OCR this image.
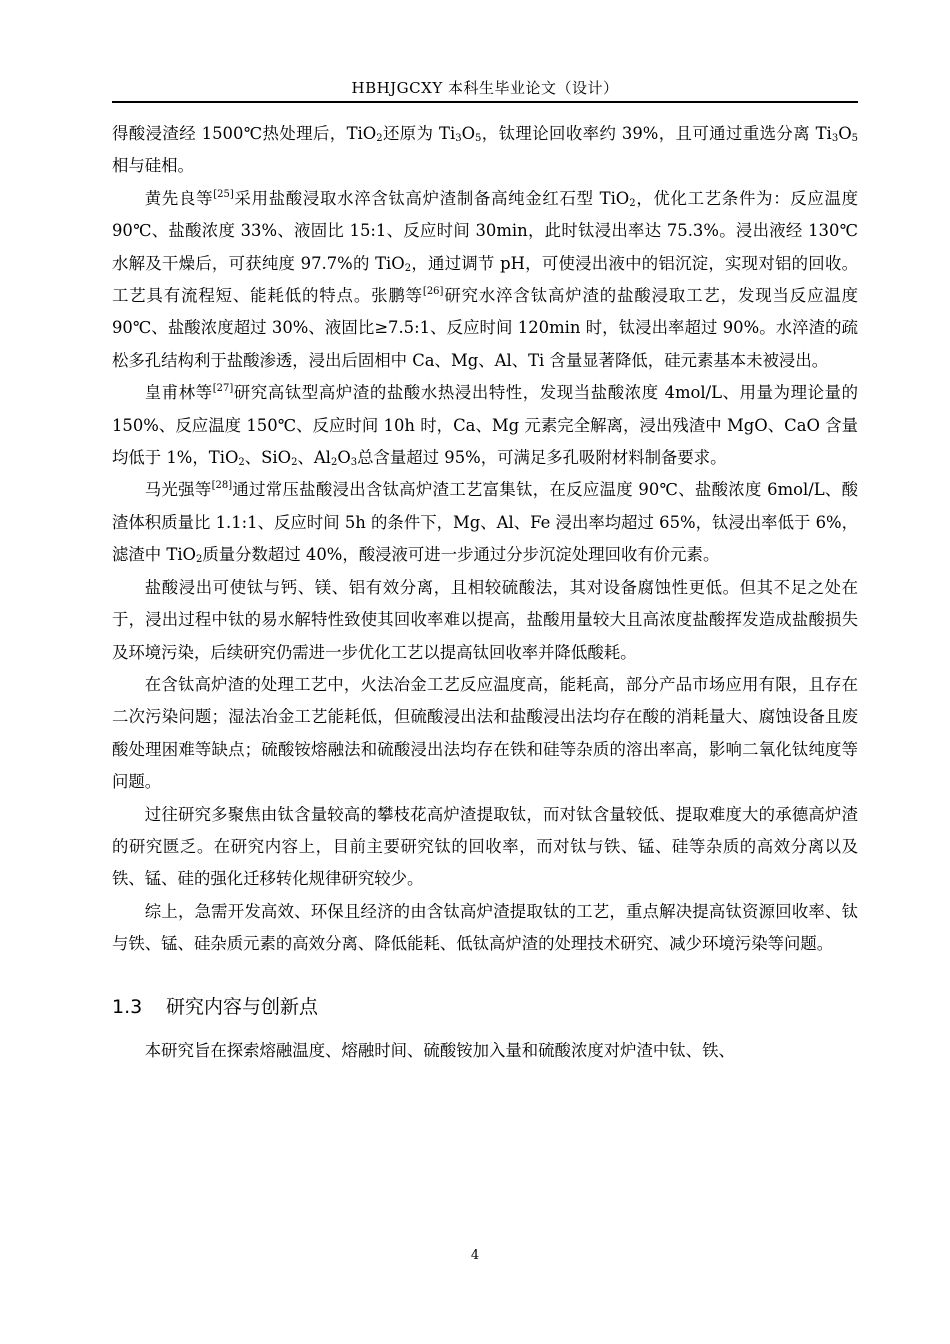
HBHJGCXY 本科生毕业论文（设计）

得酸浸渣经 1500℃热处理后，TiO$_2$还原为 $Ti_3O_5$，钛理论回收率约 39%，且可通过重选分离 $Ti_3O_5$相与硅相。

黄先良等[25]采用盐酸浸取水淬含钛高炉渣制备高纯金红石型 TiO$_2$，优化工艺条件为：反应温度 90℃、盐酸浓度 33%、液固比 15:1、反应时间 30min，此时钛浸出率达 75.3%。浸出液经 130℃水解及干燥后，可获纯度 97.7%的 TiO$_2$，通过调节 pH，可使浸出液中的铝沉淀，实现对铝的回收。工艺具有流程短、能耗低的特点。张鹏等[26]研究水淬含钛高炉渣的盐酸浸取工艺，发现当反应温度 90℃、盐酸浓度超过 30%、液固比≥7.5:1、反应时间 120min 时，钛浸出率超过 90%。水淬渣的疏松多孔结构利于盐酸渗透，浸出后固相中 Ca、Mg、Al、Ti 含量显著降低，硅元素基本未被浸出。

皇甫林等[27]研究高钛型高炉渣的盐酸水热浸出特性，发现当盐酸浓度 4mol/L、用量为理论量的 150%、反应温度 150℃、反应时间 10h 时，Ca、Mg 元素完全解离，浸出残渣中 MgO、CaO 含量均低于 1%，TiO$_2$、SiO$_2$、$Al_2O_3$总含量超过 95%，可满足多孔吸附材料制备要求。

马光强等[28]通过常压盐酸浸出含钛高炉渣工艺富集钛，在反应温度 90℃、盐酸浓度 6mol/L、酸渣体积质量比 1.1:1、反应时间 5h 的条件下，Mg、Al、Fe 浸出率均超过 65%，钛浸出率低于 6%，滤渣中 TiO$_2$质量分数超过 40%，酸浸液可进一步通过分步沉淀处理回收有价元素。

盐酸浸出可使钛与钙、镁、铝有效分离，且相较硫酸法，其对设备腐蚀性更低。但其不足之处在于，浸出过程中钛的易水解特性致使其回收率难以提高，盐酸用量较大且高浓度盐酸挥发造成盐酸损失及环境污染，后续研究仍需进一步优化工艺以提高钛回收率并降低酸耗。

在含钛高炉渣的处理工艺中，火法冶金工艺反应温度高，能耗高，部分产品市场应用有限，且存在二次污染问题；湿法冶金工艺能耗低，但硫酸浸出法和盐酸浸出法均存在酸的消耗量大、腐蚀设备且废酸处理困难等缺点；硫酸铵熔融法和硫酸浸出法均存在铁和硅等杂质的溶出率高，影响二氧化钛纯度等问题。

过往研究多聚焦由钛含量较高的攀枝花高炉渣提取钛，而对钛含量较低、提取难度大的承德高炉渣的研究匮乏。在研究内容上，目前主要研究钛的回收率，而对钛与铁、锰、硅等杂质的高效分离以及铁、锰、硅的强化迁移转化规律研究较少。

综上，急需开发高效、环保且经济的由含钛高炉渣提取钛的工艺，重点解决提高钛资源回收率、钛与铁、锰、硅杂质元素的高效分离、降低能耗、低钛高炉渣的处理技术研究、减少环境污染等问题。

1.3 研究内容与创新点

本研究旨在探索熔融温度、熔融时间、硫酸铵加入量和硫酸浓度对炉渣中钛、铁、

4
